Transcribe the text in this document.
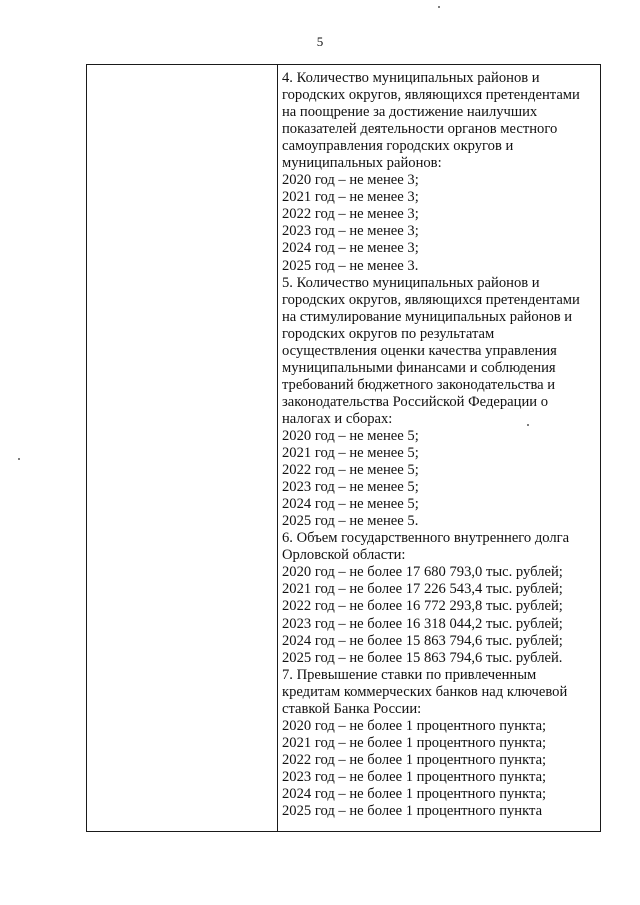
5
4. Количество муниципальных районов и
городских округов, являющихся претендентами
на поощрение за достижение наилучших
показателей деятельности органов местного
самоуправления городских округов и
муниципальных районов:
2020 год – не менее 3;
2021 год – не менее 3;
2022 год – не менее 3;
2023 год – не менее 3;
2024 год – не менее 3;
2025 год – не менее 3.
5. Количество муниципальных районов и
городских округов, являющихся претендентами
на стимулирование муниципальных районов и
городских округов по результатам
осуществления оценки качества управления
муниципальными финансами и соблюдения
требований бюджетного законодательства и
законодательства Российской Федерации о
налогах и сборах:
2020 год – не менее 5;
2021 год – не менее 5;
2022 год – не менее 5;
2023 год – не менее 5;
2024 год – не менее 5;
2025 год – не менее 5.
6. Объем государственного внутреннего долга
Орловской области:
2020 год – не более 17 680 793,0 тыс. рублей;
2021 год – не более 17 226 543,4 тыс. рублей;
2022 год – не более 16 772 293,8 тыс. рублей;
2023 год – не более 16 318 044,2 тыс. рублей;
2024 год – не более 15 863 794,6 тыс. рублей;
2025 год – не более 15 863 794,6 тыс. рублей.
7. Превышение ставки по привлеченным
кредитам коммерческих банков над ключевой
ставкой Банка России:
2020 год – не более 1 процентного пункта;
2021 год – не более 1 процентного пункта;
2022 год – не более 1 процентного пункта;
2023 год – не более 1 процентного пункта;
2024 год – не более 1 процентного пункта;
2025 год – не более 1 процентного пункта
